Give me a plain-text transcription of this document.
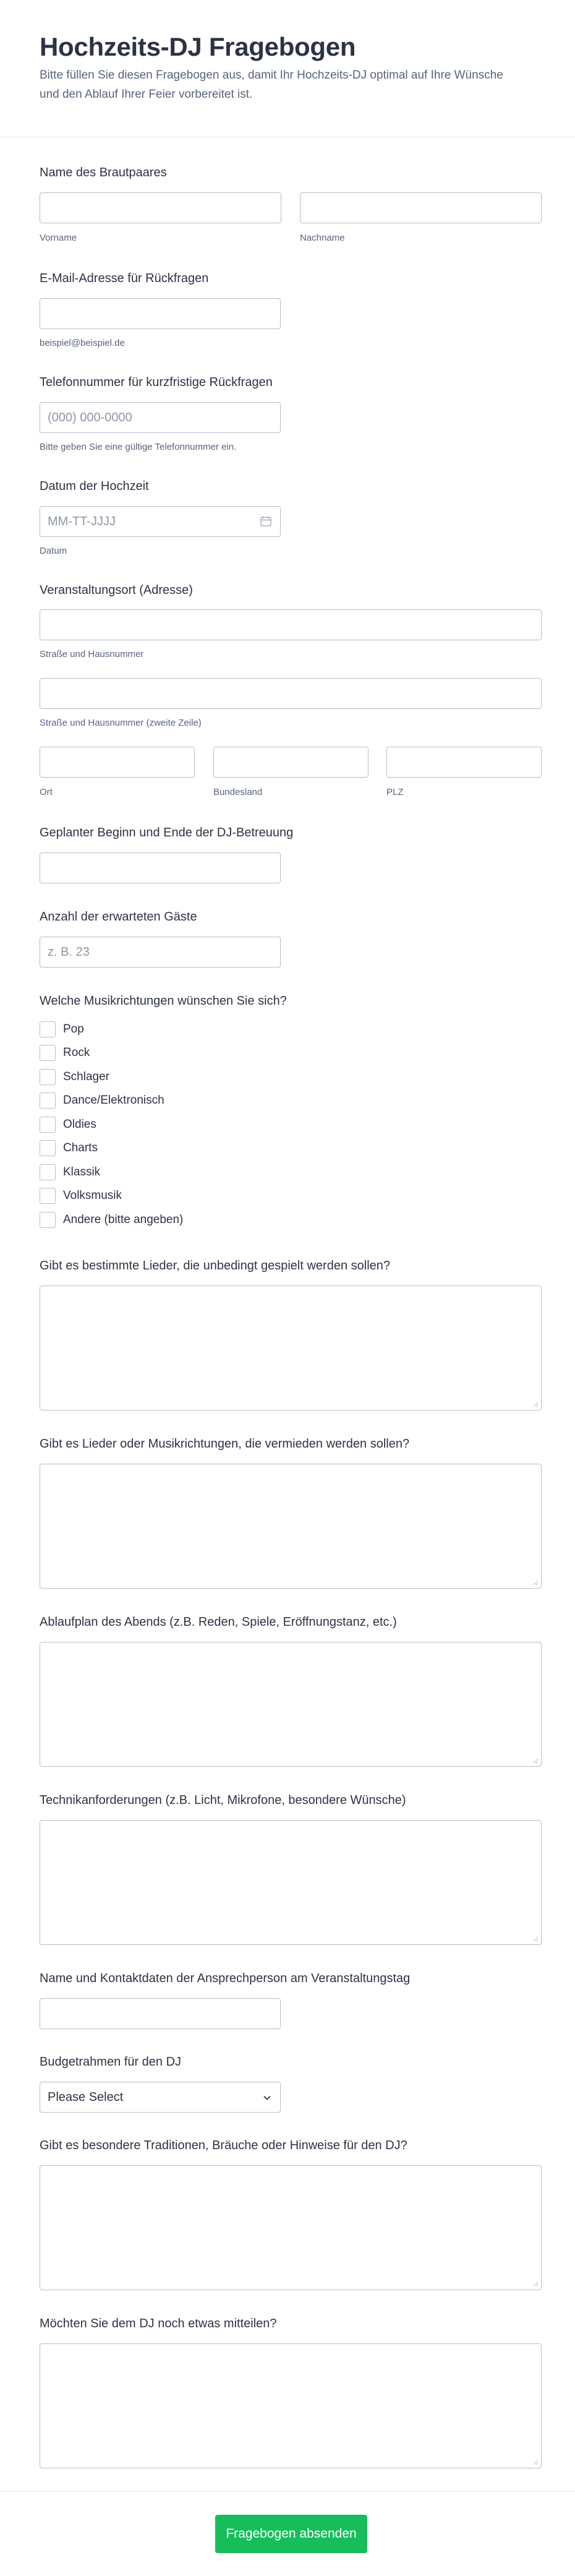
Hochzeits-DJ Fragebogen
Bitte füllen Sie diesen Fragebogen aus, damit Ihr Hochzeits-DJ optimal auf Ihre Wünsche und den Ablauf Ihrer Feier vorbereitet ist.
Name des Brautpaares
Vorname	Nachname
E-Mail-Adresse für Rückfragen
beispiel@beispiel.de
Telefonnummer für kurzfristige Rückfragen
(000) 000-0000
Bitte geben Sie eine gültige Telefonnummer ein.
Datum der Hochzeit
MM-TT-JJJJ
Datum
Veranstaltungsort (Adresse)
Straße und Hausnummer
Straße und Hausnummer (zweite Zeile)
Ort	Bundesland	PLZ
Geplanter Beginn und Ende der DJ-Betreuung
Anzahl der erwarteten Gäste
z. B. 23
Welche Musikrichtungen wünschen Sie sich?
Pop
Rock
Schlager
Dance/Elektronisch
Oldies
Charts
Klassik
Volksmusik
Andere (bitte angeben)
Gibt es bestimmte Lieder, die unbedingt gespielt werden sollen?
Gibt es Lieder oder Musikrichtungen, die vermieden werden sollen?
Ablaufplan des Abends (z.B. Reden, Spiele, Eröffnungstanz, etc.)
Technikanforderungen (z.B. Licht, Mikrofone, besondere Wünsche)
Name und Kontaktdaten der Ansprechperson am Veranstaltungstag
Budgetrahmen für den DJ
Please Select
Gibt es besondere Traditionen, Bräuche oder Hinweise für den DJ?
Möchten Sie dem DJ noch etwas mitteilen?
Fragebogen absenden
